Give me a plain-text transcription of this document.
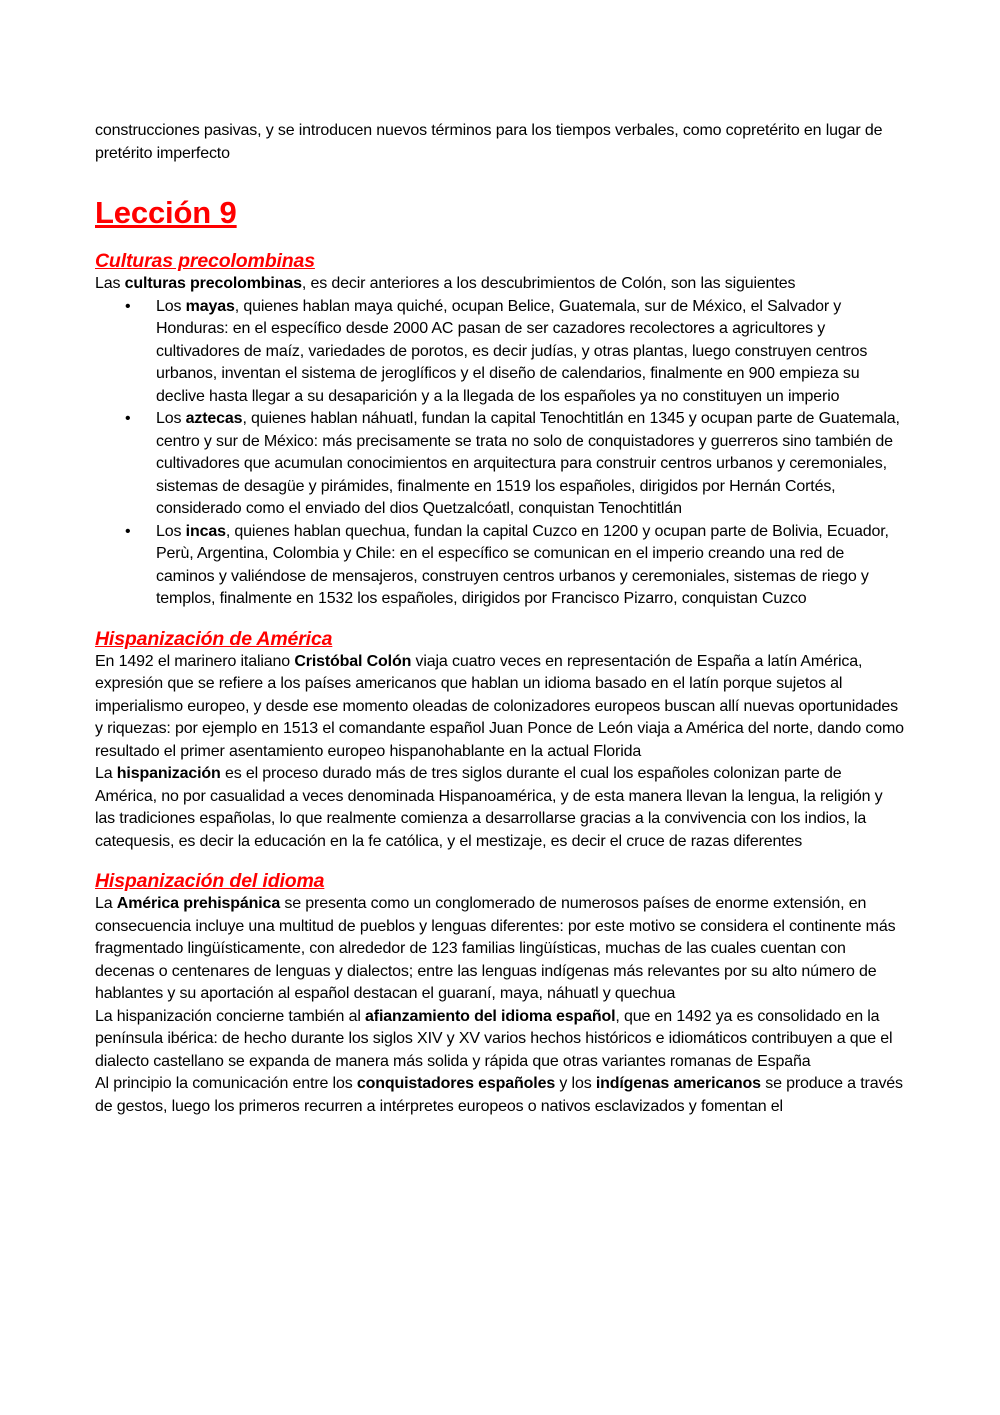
construcciones pasivas, y se introducen nuevos términos para los tiempos verbales, como copretérito en lugar de pretérito imperfecto

Lección 9
Culturas precolombinas

Las culturas precolombinas, es decir anteriores a los descubrimientos de Colón, son las siguientes

• Los mayas, quienes hablan maya quiché, ocupan Belice, Guatemala, sur de México, el Salvador y Honduras: en el específico desde 2000 AC pasan de ser cazadores recolectores a agricultores y cultivadores de maíz, variedades de porotos, es decir judías, y otras plantas, luego construyen centros urbanos, inventan el sistema de jeroglíficos y el diseño de calendarios, finalmente en 900 empieza su declive hasta llegar a su desaparición y a la llegada de los españoles ya no constituyen un imperio
• Los aztecas, quienes hablan náhuatl, fundan la capital Tenochtitlán en 1345 y ocupan parte de Guatemala, centro y sur de México: más precisamente se trata no solo de conquistadores y guerreros sino también de cultivadores que acumulan conocimientos en arquitectura para construir centros urbanos y ceremoniales, sistemas de desagüe y pirámides, finalmente en 1519 los españoles, dirigidos por Hernán Cortés, considerado como el enviado del dios Quetzalcóatl, conquistan Tenochtitlán
• Los incas, quienes hablan quechua, fundan la capital Cuzco en 1200 y ocupan parte de Bolivia, Ecuador, Perù, Argentina, Colombia y Chile: en el específico se comunican en el imperio creando una red de caminos y valiéndose de mensajeros, construyen centros urbanos y ceremoniales, sistemas de riego y templos, finalmente en 1532 los españoles, dirigidos por Francisco Pizarro, conquistan Cuzco
Hispanización de América

En 1492 el marinero italiano Cristóbal Colón viaja cuatro veces en representación de España a latín América, expresión que se refiere a los países americanos que hablan un idioma basado en el latín porque sujetos al imperialismo europeo, y desde ese momento oleadas de colonizadores europeos buscan allí nuevas oportunidades y riquezas: por ejemplo en 1513 el comandante español Juan Ponce de León viaja a América del norte, dando como resultado el primer asentamiento europeo hispanohablante en la actual Florida

La hispanización es el proceso durado más de tres siglos durante el cual los españoles colonizan parte de América, no por casualidad a veces denominada Hispanoamérica, y de esta manera llevan la lengua, la religión y las tradiciones españolas, lo que realmente comienza a desarrollarse gracias a la convivencia con los indios, la catequesis, es decir la educación en la fe católica, y el mestizaje, es decir el cruce de razas diferentes

Hispanización del idioma

La América prehispánica se presenta como un conglomerado de numerosos países de enorme extensión, en consecuencia incluye una multitud de pueblos y lenguas diferentes: por este motivo se considera el continente más fragmentado lingüísticamente, con alrededor de 123 familias lingüísticas, muchas de las cuales cuentan con decenas o centenares de lenguas y dialectos; entre las lenguas indígenas más relevantes por su alto número de hablantes y su aportación al español destacan el guaraní, maya, náhuatl y quechua

La hispanización concierne también al afianzamiento del idioma español, que en 1492 ya es consolidado en la península ibérica: de hecho durante los siglos XIV y XV varios hechos históricos e idiomáticos contribuyen a que el dialecto castellano se expanda de manera más solida y rápida que otras variantes romanas de España

Al principio la comunicación entre los conquistadores españoles y los indígenas americanos se produce a través de gestos, luego los primeros recurren a intérpretes europeos o nativos esclavizados y fomentan el
